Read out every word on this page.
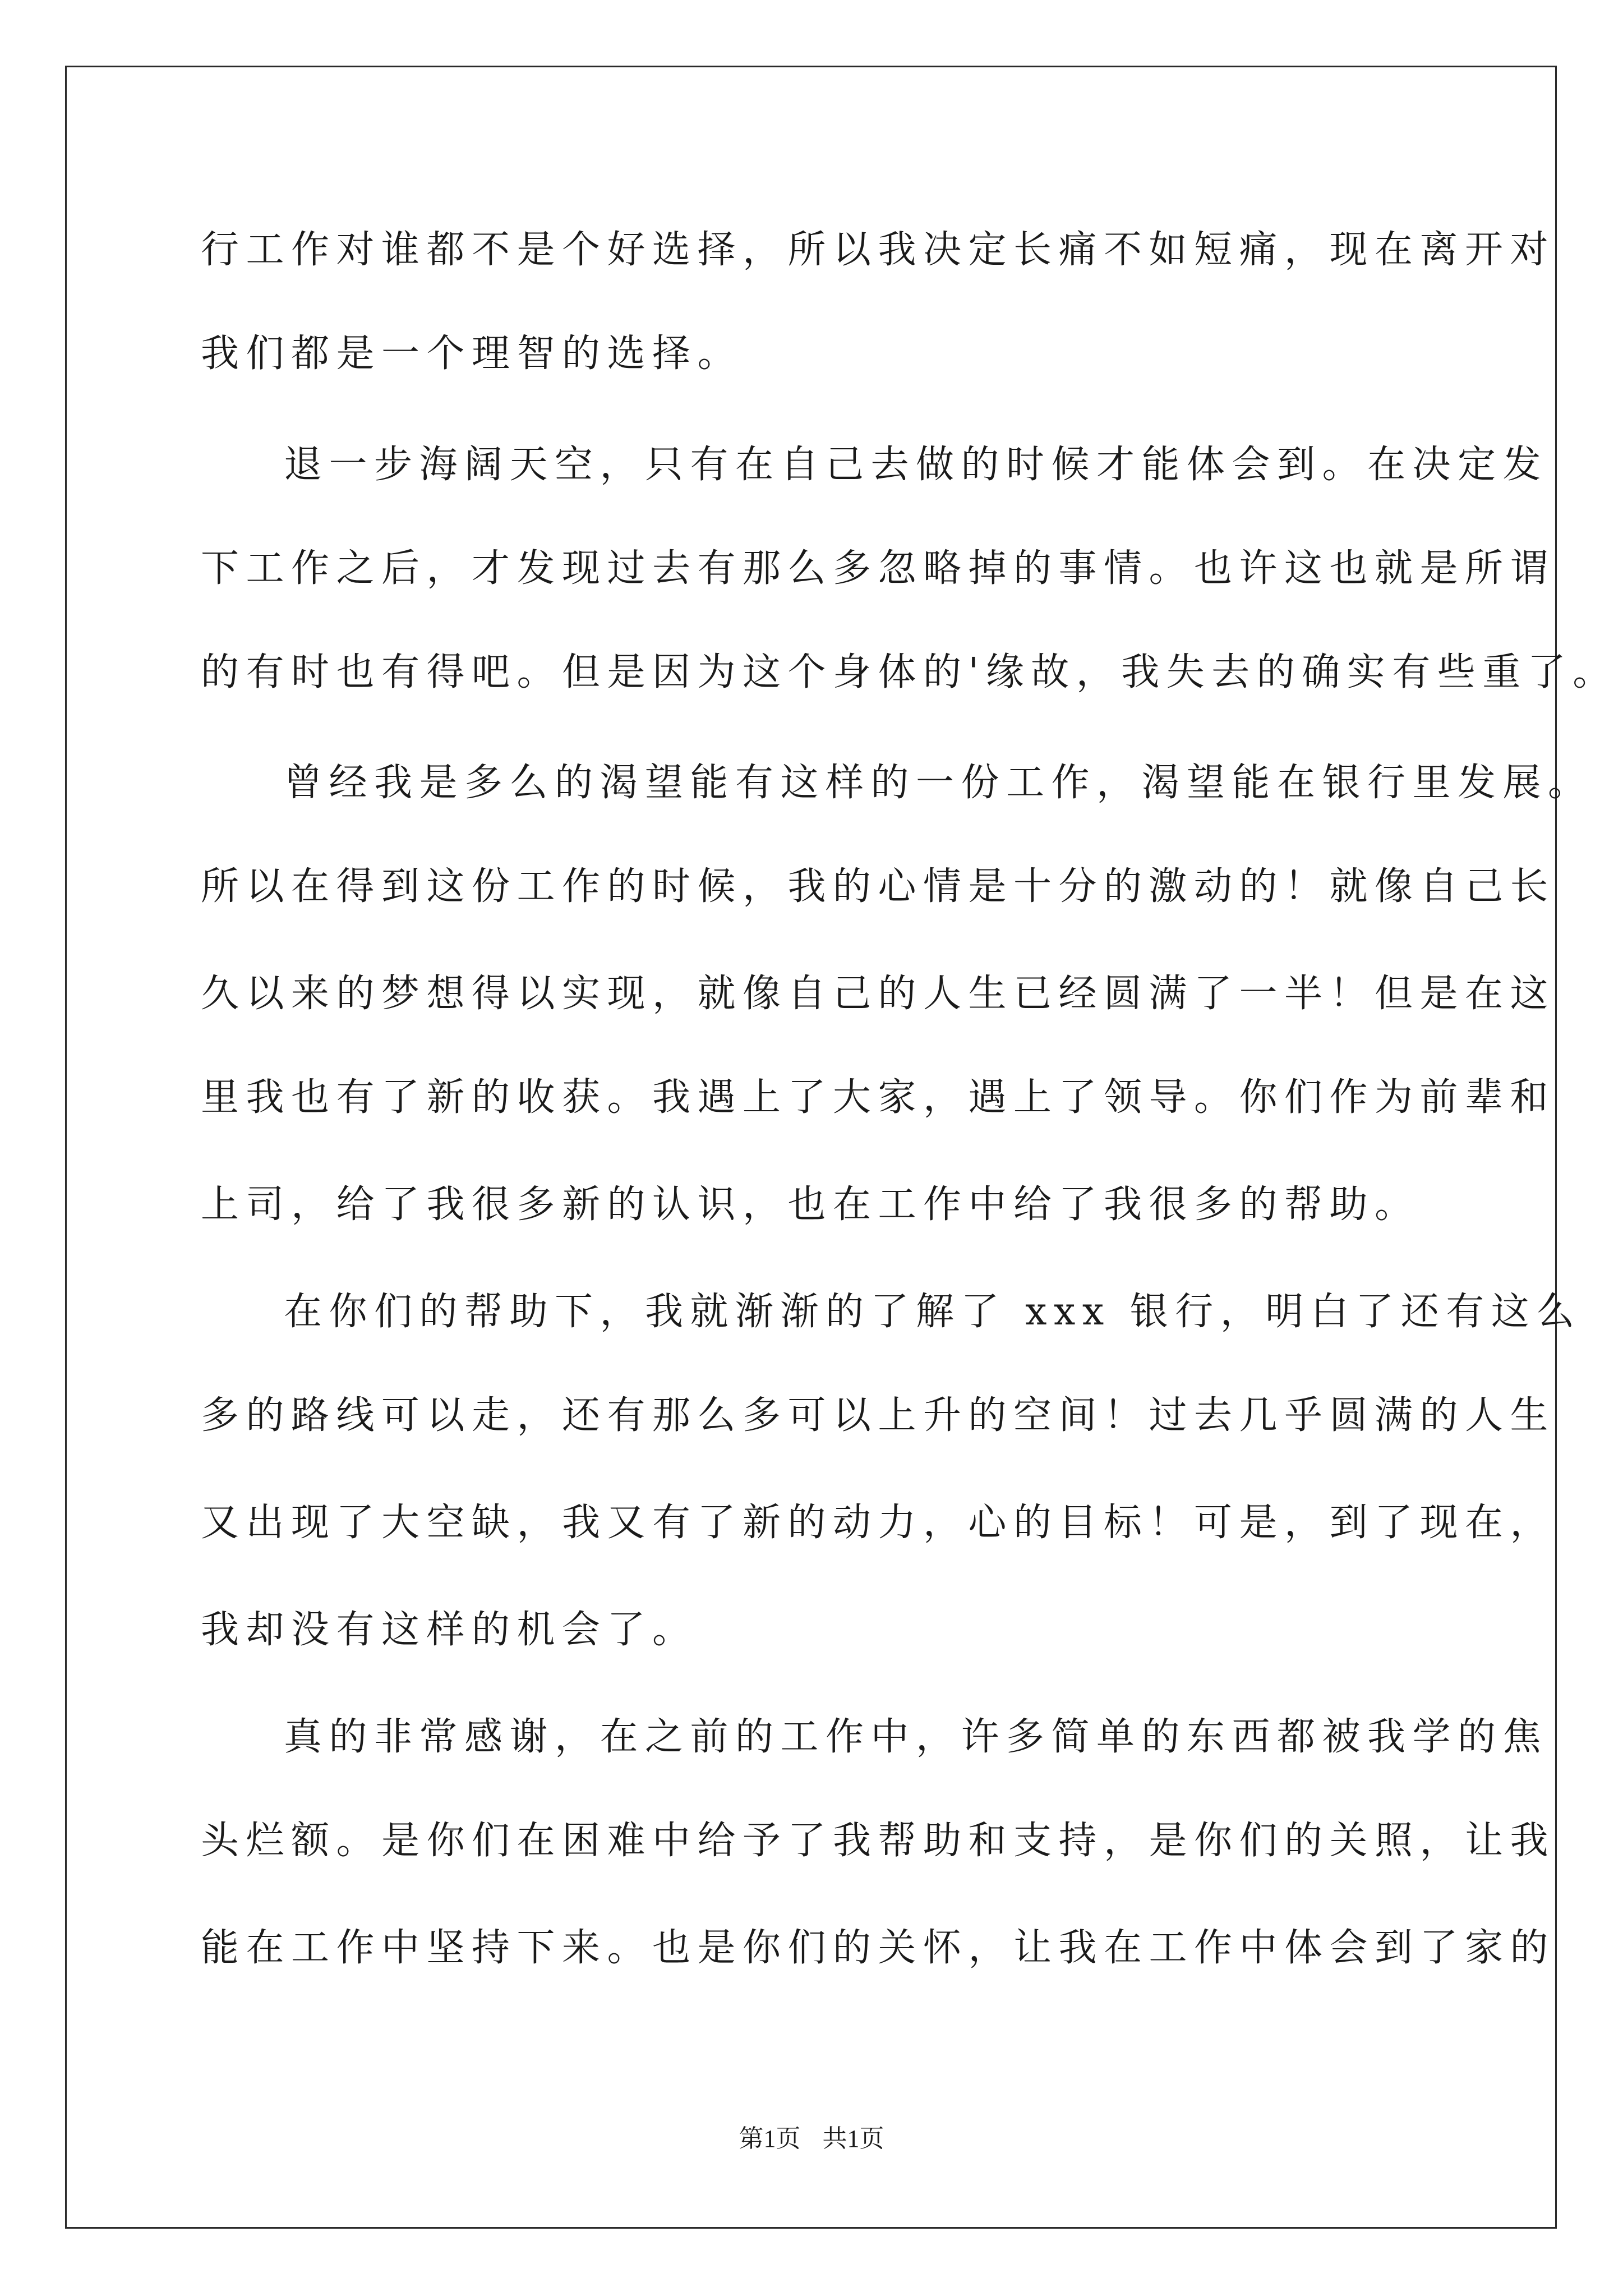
行工作对谁都不是个好选择，所以我决定长痛不如短痛，现在离开对
我们都是一个理智的选择。
退一步海阔天空，只有在自己去做的时候才能体会到。在决定发
下工作之后，才发现过去有那么多忽略掉的事情。也许这也就是所谓
的有时也有得吧。但是因为这个身体的'缘故，我失去的确实有些重了。
曾经我是多么的渴望能有这样的一份工作，渴望能在银行里发展。
所以在得到这份工作的时候，我的心情是十分的激动的！就像自己长
久以来的梦想得以实现，就像自己的人生已经圆满了一半！但是在这
里我也有了新的收获。我遇上了大家，遇上了领导。你们作为前辈和
上司，给了我很多新的认识，也在工作中给了我很多的帮助。
在你们的帮助下，我就渐渐的了解了 xxx 银行，明白了还有这么
多的路线可以走，还有那么多可以上升的空间！过去几乎圆满的人生
又出现了大空缺，我又有了新的动力，心的目标！可是，到了现在，
我却没有这样的机会了。
真的非常感谢，在之前的工作中，许多简单的东西都被我学的焦
头烂额。是你们在困难中给予了我帮助和支持，是你们的关照，让我
能在工作中坚持下来。也是你们的关怀，让我在工作中体会到了家的
第1页 共1页
